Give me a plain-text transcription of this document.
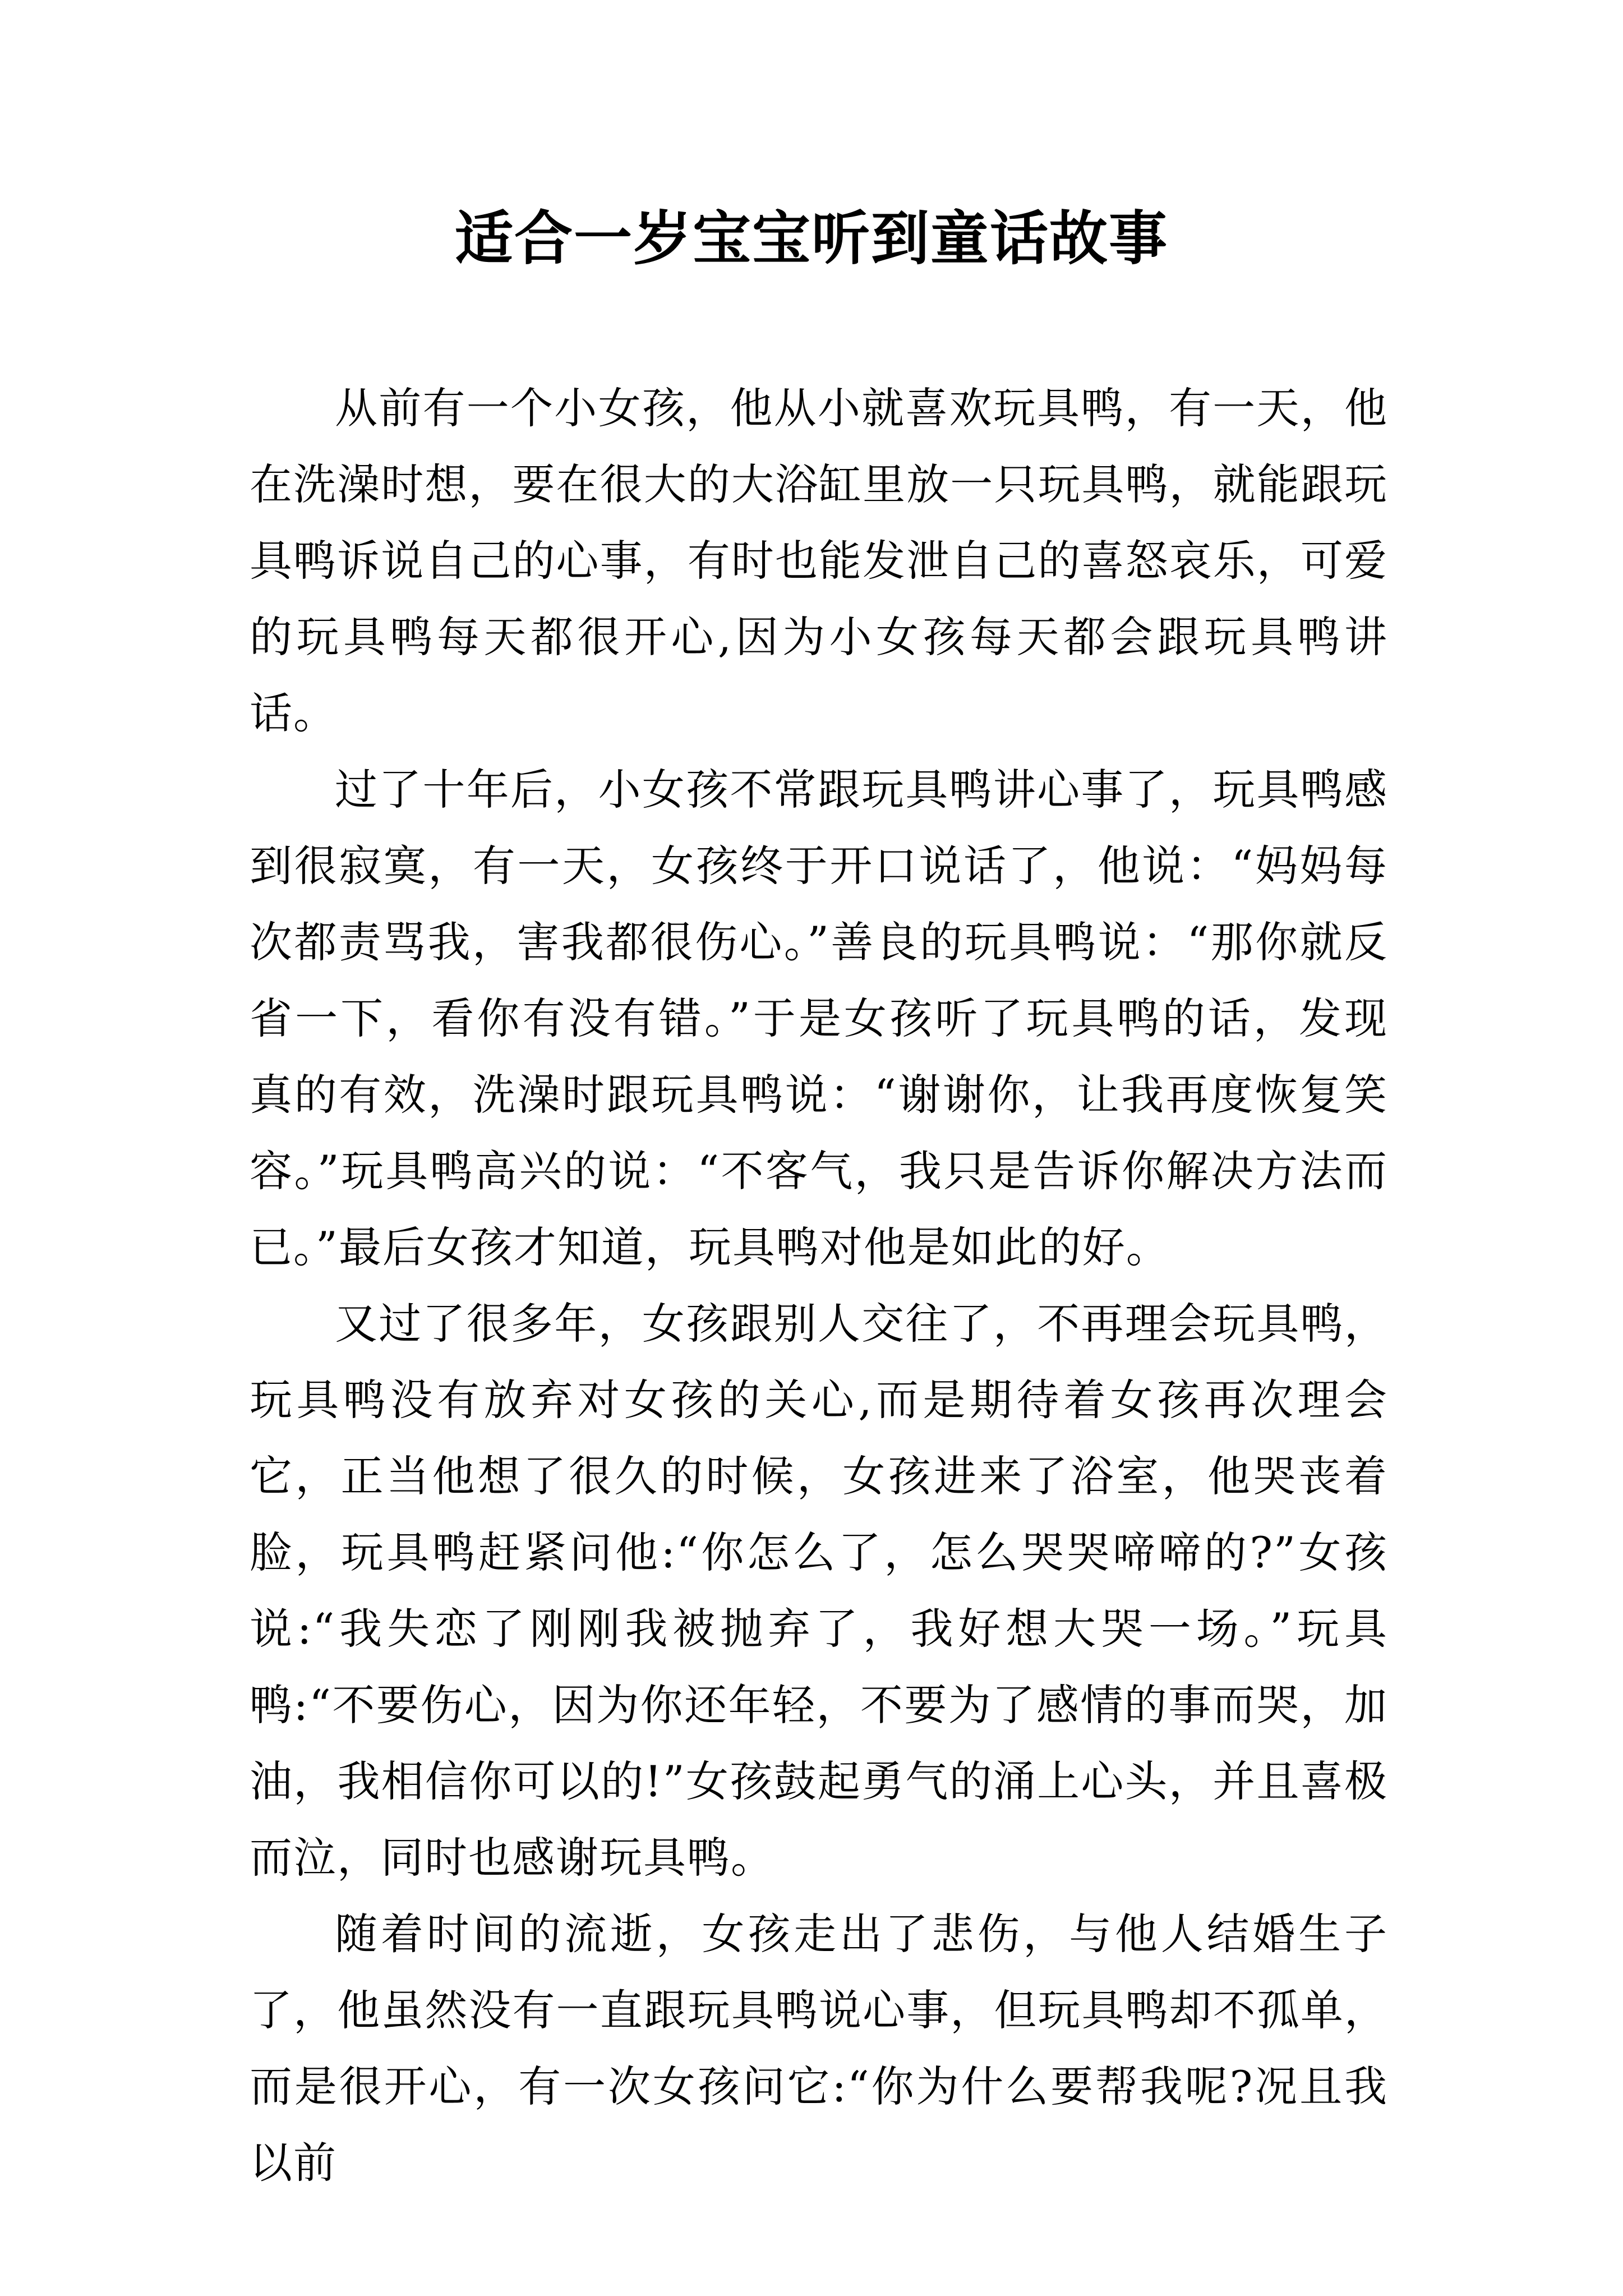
适合一岁宝宝听到童话故事

从前有一个小女孩，他从小就喜欢玩具鸭，有一天，他在洗澡时想，要在很大的大浴缸里放一只玩具鸭，就能跟玩具鸭诉说自己的心事，有时也能发泄自己的喜怒哀乐，可爱的玩具鸭每天都很开心,因为小女孩每天都会跟玩具鸭讲话。

过了十年后，小女孩不常跟玩具鸭讲心事了，玩具鸭感到很寂寞，有一天，女孩终于开口说话了，他说：“妈妈每次都责骂我，害我都很伤心。”善良的玩具鸭说：“那你就反省一下，看你有没有错。”于是女孩听了玩具鸭的话，发现真的有效，洗澡时跟玩具鸭说：“谢谢你，让我再度恢复笑容。”玩具鸭高兴的说：“不客气，我只是告诉你解决方法而已。”最后女孩才知道，玩具鸭对他是如此的好。

又过了很多年，女孩跟别人交往了，不再理会玩具鸭，玩具鸭没有放弃对女孩的关心,而是期待着女孩再次理会它，正当他想了很久的时候，女孩进来了浴室，他哭丧着脸，玩具鸭赶紧问他:“你怎么了，怎么哭哭啼啼的?”女孩说:“我失恋了刚刚我被抛弃了，我好想大哭一场。”玩具鸭:“不要伤心，因为你还年轻，不要为了感情的事而哭，加油，我相信你可以的!”女孩鼓起勇气的涌上心头，并且喜极而泣，同时也感谢玩具鸭。

随着时间的流逝，女孩走出了悲伤，与他人结婚生子了，他虽然没有一直跟玩具鸭说心事，但玩具鸭却不孤单，而是很开心，有一次女孩问它:“你为什么要帮我呢?况且我以前
